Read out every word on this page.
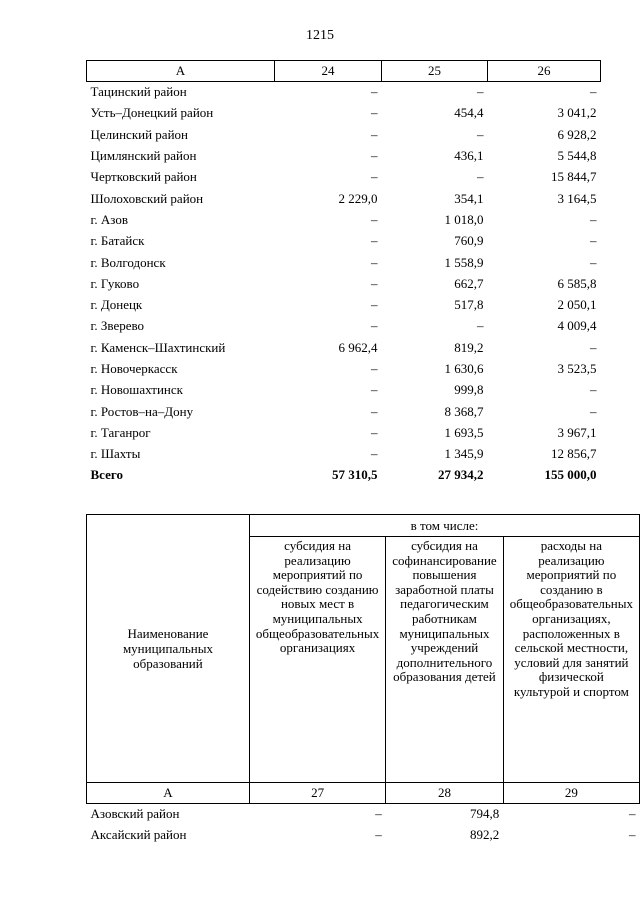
1215
А	24	25	26
Тацинский район	–	–	–
Усть–Донецкий район	–	454,4	3 041,2
Целинский район	–	–	6 928,2
Цимлянский район	–	436,1	5 544,8
Чертковский район	–	–	15 844,7
Шолоховский район	2 229,0	354,1	3 164,5
г. Азов	–	1 018,0	–
г. Батайск	–	760,9	–
г. Волгодонск	–	1 558,9	–
г. Гуково	–	662,7	6 585,8
г. Донецк	–	517,8	2 050,1
г. Зверево	–	–	4 009,4
г. Каменск–Шахтинский	6 962,4	819,2	–
г. Новочеркасск	–	1 630,6	3 523,5
г. Новошахтинск	–	999,8	–
г. Ростов–на–Дону	–	8 368,7	–
г. Таганрог	–	1 693,5	3 967,1
г. Шахты	–	1 345,9	12 856,7
Всего	57 310,5	27 934,2	155 000,0
Наименование муниципальных образований	в том числе:		
	субсидия на реализацию мероприятий по содействию созданию новых мест в муниципальных общеобразовательных организациях	субсидия на софинансирование повышения заработной платы педагогическим работникам муниципальных учреждений дополнительного образования детей	расходы на реализацию мероприятий по созданию в общеобразовательных организациях, расположенных в сельской местности, условий для занятий физической культурой и спортом
А	27	28	29
Азовский район	–	794,8	–
Аксайский район	–	892,2	–
